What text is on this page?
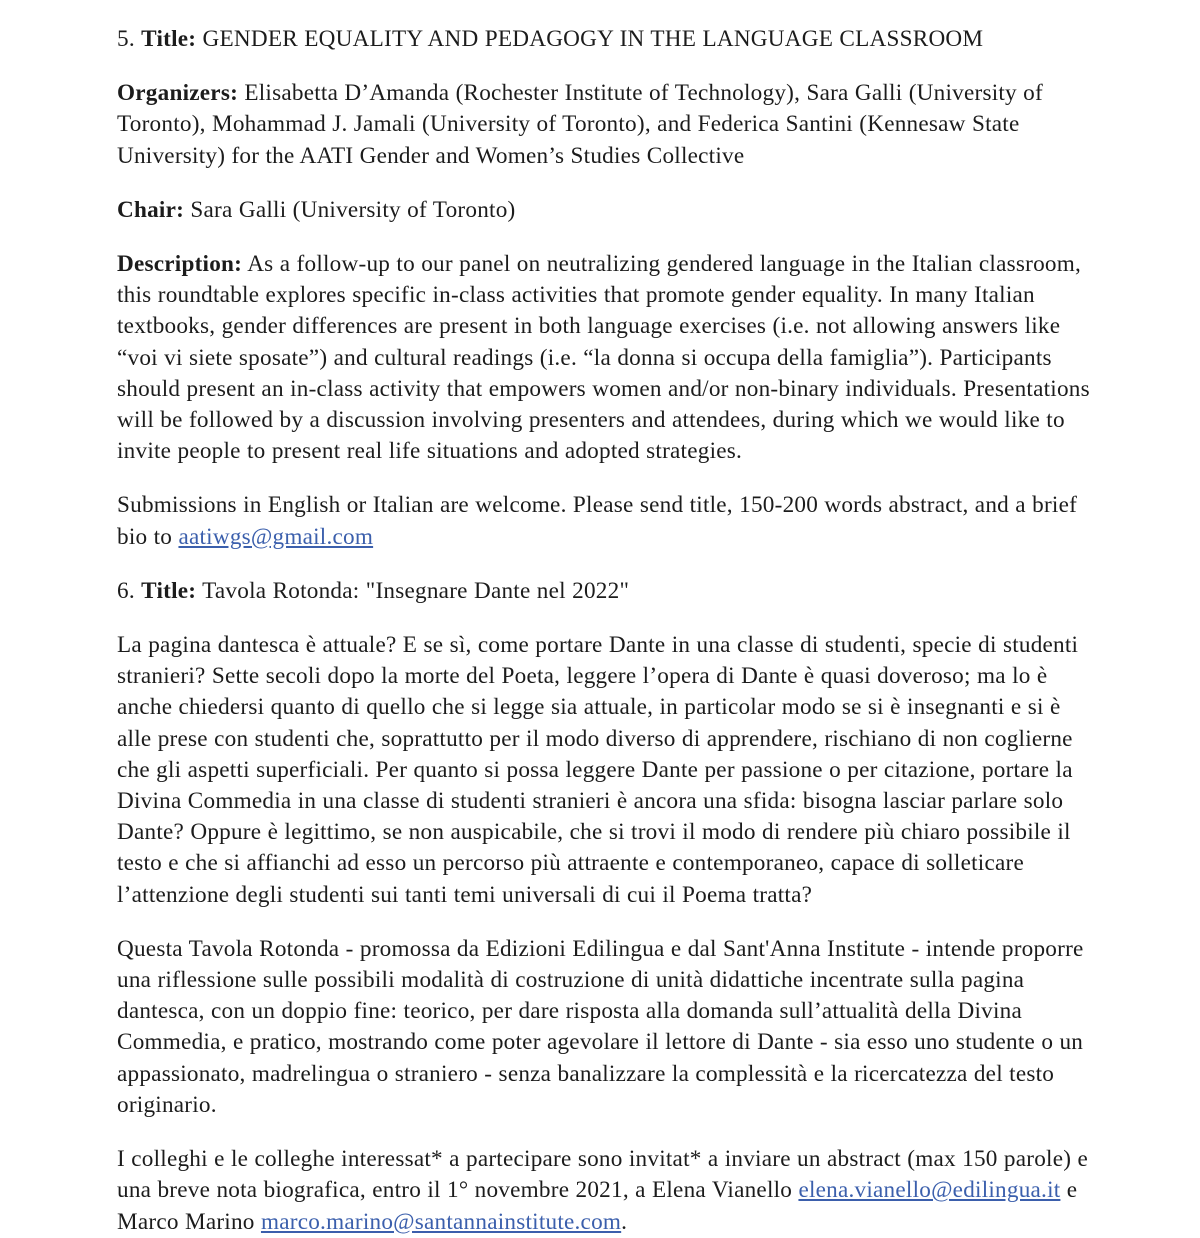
5. Title: GENDER EQUALITY AND PEDAGOGY IN THE LANGUAGE CLASSROOM

Organizers: Elisabetta D’Amanda (Rochester Institute of Technology), Sara Galli (University of Toronto), Mohammad J. Jamali (University of Toronto), and Federica Santini (Kennesaw State University) for the AATI Gender and Women’s Studies Collective

Chair: Sara Galli (University of Toronto)

Description: As a follow-up to our panel on neutralizing gendered language in the Italian classroom, this roundtable explores specific in-class activities that promote gender equality. In many Italian textbooks, gender differences are present in both language exercises (i.e. not allowing answers like “voi vi siete sposate”) and cultural readings (i.e. “la donna si occupa della famiglia”). Participants should present an in-class activity that empowers women and/or non-binary individuals. Presentations will be followed by a discussion involving presenters and attendees, during which we would like to invite people to present real life situations and adopted strategies.

Submissions in English or Italian are welcome. Please send title, 150-200 words abstract, and a brief bio to aatiwgs@gmail.com

6. Title: Tavola Rotonda: "Insegnare Dante nel 2022"

La pagina dantesca è attuale? E se sì, come portare Dante in una classe di studenti, specie di studenti stranieri? Sette secoli dopo la morte del Poeta, leggere l’opera di Dante è quasi doveroso; ma lo è anche chiedersi quanto di quello che si legge sia attuale, in particolar modo se si è insegnanti e si è alle prese con studenti che, soprattutto per il modo diverso di apprendere, rischiano di non coglierne che gli aspetti superficiali. Per quanto si possa leggere Dante per passione o per citazione, portare la Divina Commedia in una classe di studenti stranieri è ancora una sfida: bisogna lasciar parlare solo Dante? Oppure è legittimo, se non auspicabile, che si trovi il modo di rendere più chiaro possibile il testo e che si affianchi ad esso un percorso più attraente e contemporaneo, capace di solleticare l’attenzione degli studenti sui tanti temi universali di cui il Poema tratta?

Questa Tavola Rotonda - promossa da Edizioni Edilingua e dal Sant'Anna Institute - intende proporre una riflessione sulle possibili modalità di costruzione di unità didattiche incentrate sulla pagina dantesca, con un doppio fine: teorico, per dare risposta alla domanda sull’attualità della Divina Commedia, e pratico, mostrando come poter agevolare il lettore di Dante - sia esso uno studente o un appassionato, madrelingua o straniero - senza banalizzare la complessità e la ricercatezza del testo originario.

I colleghi e le colleghe interessat* a partecipare sono invitat* a inviare un abstract (max 150 parole) e una breve nota biografica, entro il 1° novembre 2021, a Elena Vianello elena.vianello@edilingua.it e Marco Marino marco.marino@santannainstitute.com.
